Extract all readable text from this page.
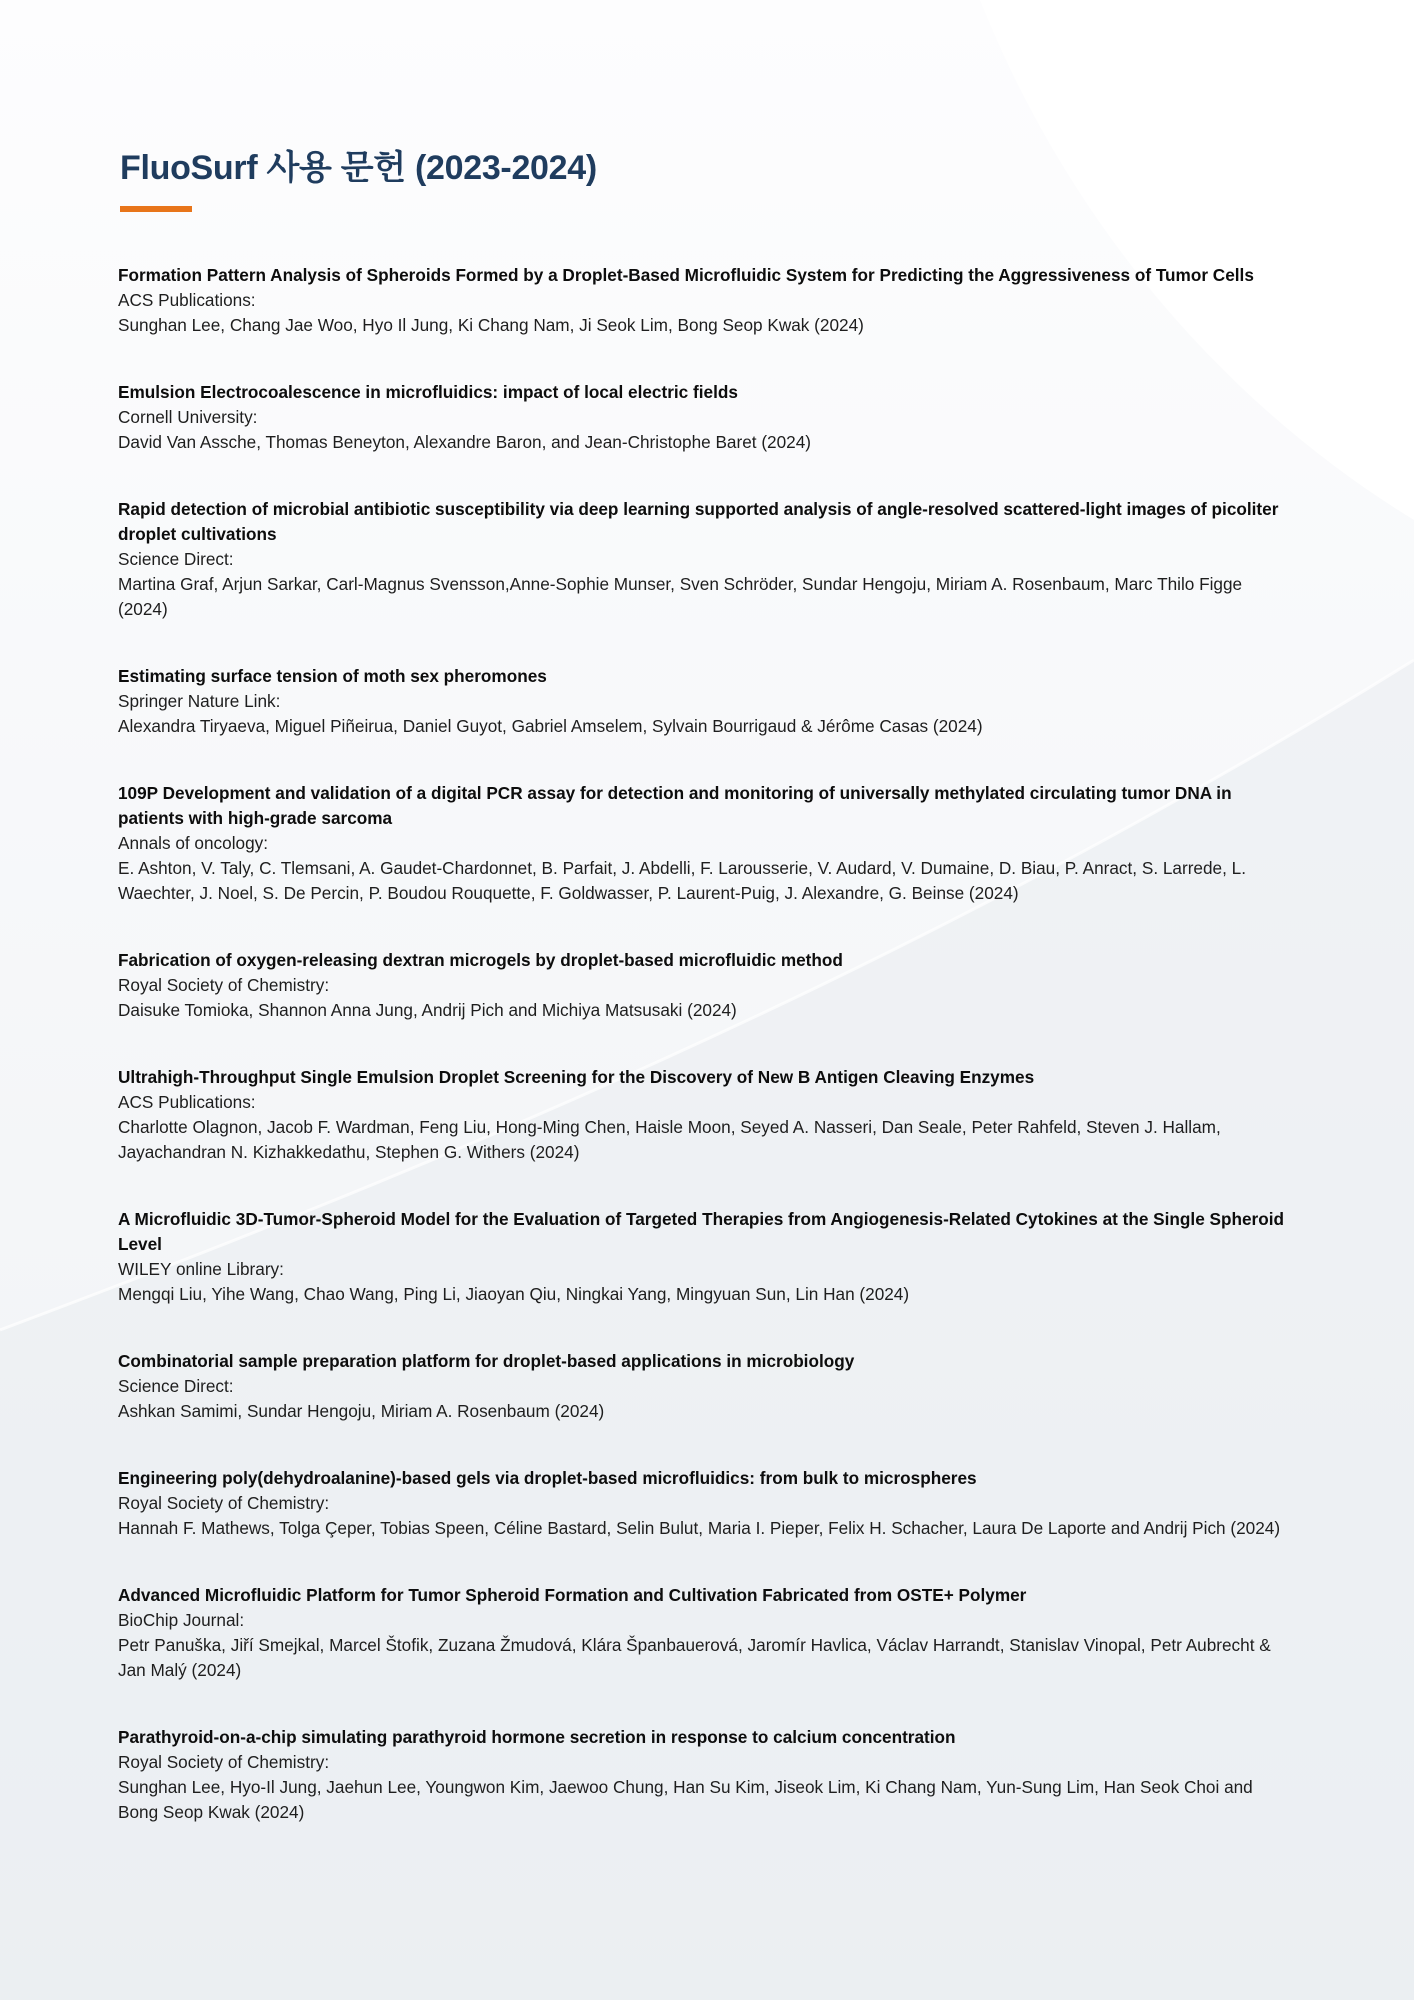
FluoSurf 사용 문헌 (2023-2024)
Formation Pattern Analysis of Spheroids Formed by a Droplet-Based Microfluidic System for Predicting the Aggressiveness of Tumor Cells
ACS Publications:
Sunghan Lee, Chang Jae Woo, Hyo Il Jung, Ki Chang Nam, Ji Seok Lim, Bong Seop Kwak (2024)
Emulsion Electrocoalescence in microfluidics: impact of local electric fields
Cornell University:
David Van Assche, Thomas Beneyton, Alexandre Baron, and Jean-Christophe Baret (2024)
Rapid detection of microbial antibiotic susceptibility via deep learning supported analysis of angle-resolved scattered-light images of picoliter droplet cultivations
Science Direct:
Martina Graf, Arjun Sarkar, Carl-Magnus Svensson,Anne-Sophie Munser, Sven Schröder, Sundar Hengoju, Miriam A. Rosenbaum, Marc Thilo Figge (2024)
Estimating surface tension of moth sex pheromones
Springer Nature Link:
Alexandra Tiryaeva, Miguel Piñeirua, Daniel Guyot, Gabriel Amselem, Sylvain Bourrigaud & Jérôme Casas (2024)
109P Development and validation of a digital PCR assay for detection and monitoring of universally methylated circulating tumor DNA in patients with high-grade sarcoma
Annals of oncology:
E. Ashton, V. Taly, C. Tlemsani, A. Gaudet-Chardonnet, B. Parfait, J. Abdelli, F. Larousserie, V. Audard, V. Dumaine, D. Biau, P. Anract, S. Larrede, L. Waechter, J. Noel, S. De Percin, P. Boudou Rouquette, F. Goldwasser, P. Laurent-Puig, J. Alexandre, G. Beinse (2024)
Fabrication of oxygen-releasing dextran microgels by droplet-based microfluidic method
Royal Society of Chemistry:
Daisuke Tomioka, Shannon Anna Jung, Andrij Pich and Michiya Matsusaki (2024)
Ultrahigh-Throughput Single Emulsion Droplet Screening for the Discovery of New B Antigen Cleaving Enzymes
ACS Publications:
Charlotte Olagnon, Jacob F. Wardman, Feng Liu, Hong-Ming Chen, Haisle Moon, Seyed A. Nasseri, Dan Seale, Peter Rahfeld, Steven J. Hallam, Jayachandran N. Kizhakkedathu, Stephen G. Withers (2024)
A Microfluidic 3D-Tumor-Spheroid Model for the Evaluation of Targeted Therapies from Angiogenesis-Related Cytokines at the Single Spheroid Level
WILEY online Library:
Mengqi Liu, Yihe Wang, Chao Wang, Ping Li, Jiaoyan Qiu, Ningkai Yang, Mingyuan Sun, Lin Han (2024)
Combinatorial sample preparation platform for droplet-based applications in microbiology
Science Direct:
Ashkan Samimi, Sundar Hengoju, Miriam A. Rosenbaum (2024)
Engineering poly(dehydroalanine)-based gels via droplet-based microfluidics: from bulk to microspheres
Royal Society of Chemistry:
Hannah F. Mathews, Tolga Çeper, Tobias Speen, Céline Bastard, Selin Bulut, Maria I. Pieper, Felix H. Schacher, Laura De Laporte and Andrij Pich (2024)
Advanced Microfluidic Platform for Tumor Spheroid Formation and Cultivation Fabricated from OSTE+ Polymer
BioChip Journal:
Petr Panuška, Jiří Smejkal, Marcel Štofik, Zuzana Žmudová, Klára Španbauerová, Jaromír Havlica, Václav Harrandt, Stanislav Vinopal, Petr Aubrecht & Jan Malý (2024)
Parathyroid-on-a-chip simulating parathyroid hormone secretion in response to calcium concentration
Royal Society of Chemistry:
Sunghan Lee, Hyo-Il Jung, Jaehun Lee, Youngwon Kim, Jaewoo Chung, Han Su Kim, Jiseok Lim, Ki Chang Nam, Yun-Sung Lim, Han Seok Choi and Bong Seop Kwak (2024)
